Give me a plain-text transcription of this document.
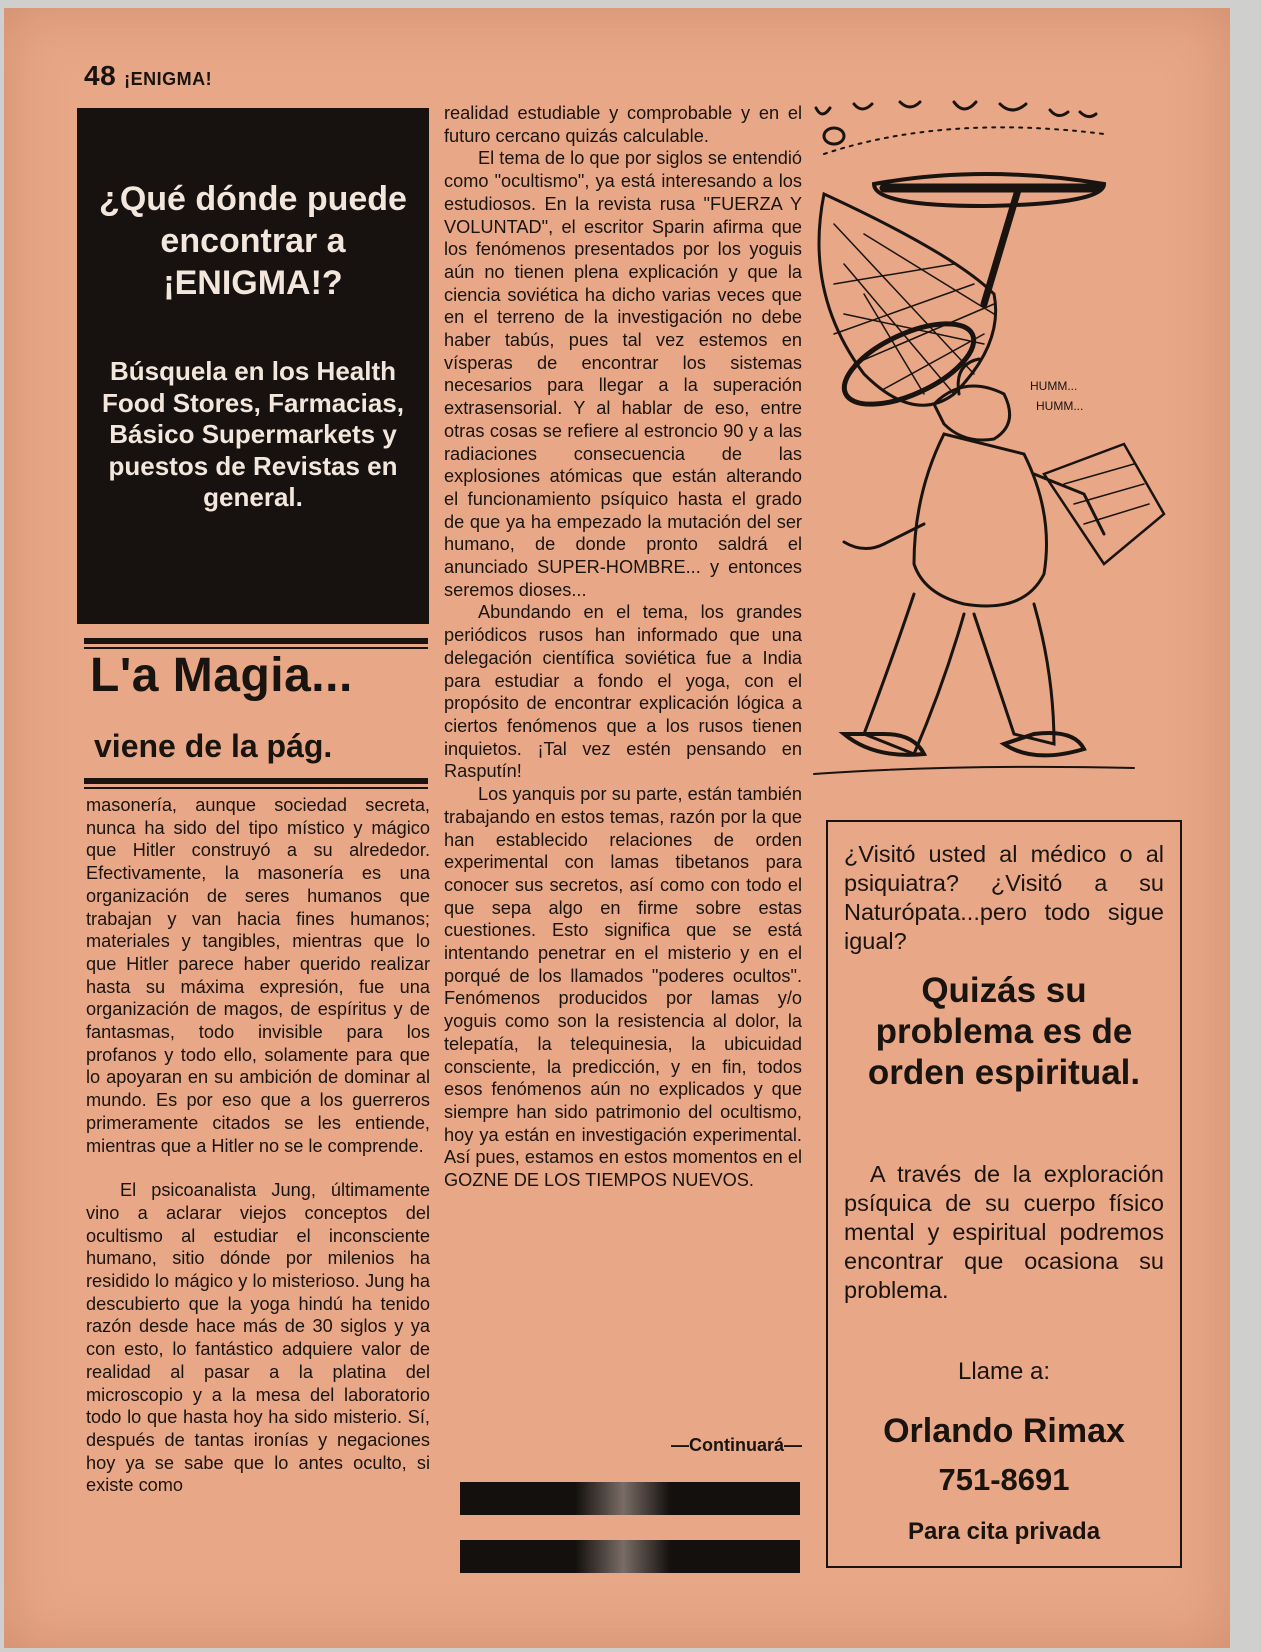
48 ¡ENIGMA!
¿Qué dónde puede encontrar a ¡ENIGMA!?

Búsquela en los Health Food Stores, Farmacias, Básico Supermarkets y puestos de Revistas en general.

L'a Magia...
viene de la pág.

masonería, aunque sociedad secreta, nunca ha sido del tipo místico y mágico que Hitler construyó a su alrededor. Efectivamente, la masonería es una organización de seres humanos que trabajan y van hacia fines humanos; materiales y tangibles, mientras que lo que Hitler parece haber querido realizar hasta su máxima expresión, fue una organización de magos, de espíritus y de fantasmas, todo invisible para los profanos y todo ello, solamente para que lo apoyaran en su ambición de dominar al mundo. Es por eso que a los guerreros primeramente citados se les entiende, mientras que a Hitler no se le comprende.

El psicoanalista Jung, últimamente vino a aclarar viejos conceptos del ocultismo al estudiar el inconsciente humano, sitio dónde por milenios ha residido lo mágico y lo misterioso. Jung ha descubierto que la yoga hindú ha tenido razón desde hace más de 30 siglos y ya con esto, lo fantástico adquiere valor de realidad al pasar a la platina del microscopio y a la mesa del laboratorio todo lo que hasta hoy ha sido misterio. Sí, después de tantas ironías y negaciones hoy ya se sabe que lo antes oculto, si existe como

realidad estudiable y comprobable y en el futuro cercano quizás calculable.

El tema de lo que por siglos se entendió como "ocultismo", ya está interesando a los estudiosos. En la revista rusa "FUERZA Y VOLUNTAD", el escritor Sparin afirma que los fenómenos presentados por los yoguis aún no tienen plena explicación y que la ciencia soviética ha dicho varias veces que en el terreno de la investigación no debe haber tabús, pues tal vez estemos en vísperas de encontrar los sistemas necesarios para llegar a la superación extrasensorial. Y al hablar de eso, entre otras cosas se refiere al estroncio 90 y a las radiaciones consecuencia de las explosiones atómicas que están alterando el funcionamiento psíquico hasta el grado de que ya ha empezado la mutación del ser humano, de donde pronto saldrá el anunciado SUPER-HOMBRE... y entonces seremos dioses...

Abundando en el tema, los grandes periódicos rusos han informado que una delegación científica soviética fue a India para estudiar a fondo el yoga, con el propósito de encontrar explicación lógica a ciertos fenómenos que a los rusos tienen inquietos. ¡Tal vez estén pensando en Rasputín!

Los yanquis por su parte, están también trabajando en estos temas, razón por la que han establecido relaciones de orden experimental con lamas tibetanos para conocer sus secretos, así como con todo el que sepa algo en firme sobre estas cuestiones. Esto significa que se está intentando penetrar en el misterio y en el porqué de los llamados "poderes ocultos". Fenómenos producidos por lamas y/o yoguis como son la resistencia al dolor, la telepatía, la telequinesia, la ubicuidad consciente, la predicción, y en fin, todos esos fenómenos aún no explicados y que siempre han sido patrimonio del ocultismo, hoy ya están en investigación experimental. Así pues, estamos en estos momentos en el GOZNE DE LOS TIEMPOS NUEVOS.

—Continuará—
HUMM...
HUMM...
¿Visitó usted al médico o al psiquiatra? ¿Visitó a su Naturópata...pero todo sigue igual?
Quizás su problema es de orden espiritual.
A través de la exploración psíquica de su cuerpo físico mental y espiritual podremos encontrar que ocasiona su problema.
Llame a:
Orlando Rimax
751-8691
Para cita privada
